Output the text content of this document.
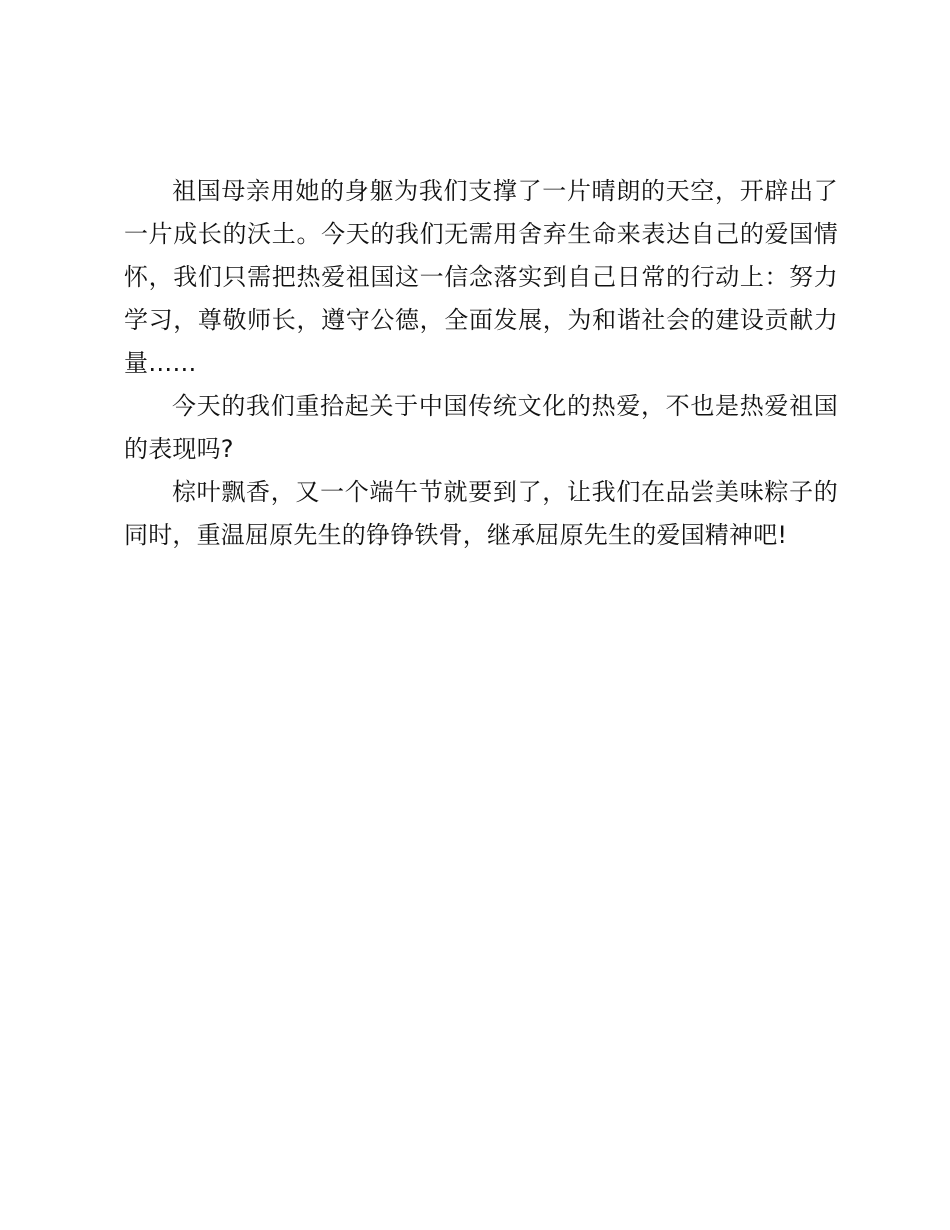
祖国母亲用她的身躯为我们支撑了一片晴朗的天空，开辟出了一片成长的沃土。今天的我们无需用舍弃生命来表达自己的爱国情怀，我们只需把热爱祖国这一信念落实到自己日常的行动上：努力学习，尊敬师长，遵守公德，全面发展，为和谐社会的建设贡献力量……

今天的我们重拾起关于中国传统文化的热爱，不也是热爱祖国的表现吗?

棕叶飘香，又一个端午节就要到了，让我们在品尝美味粽子的同时，重温屈原先生的铮铮铁骨，继承屈原先生的爱国精神吧!
